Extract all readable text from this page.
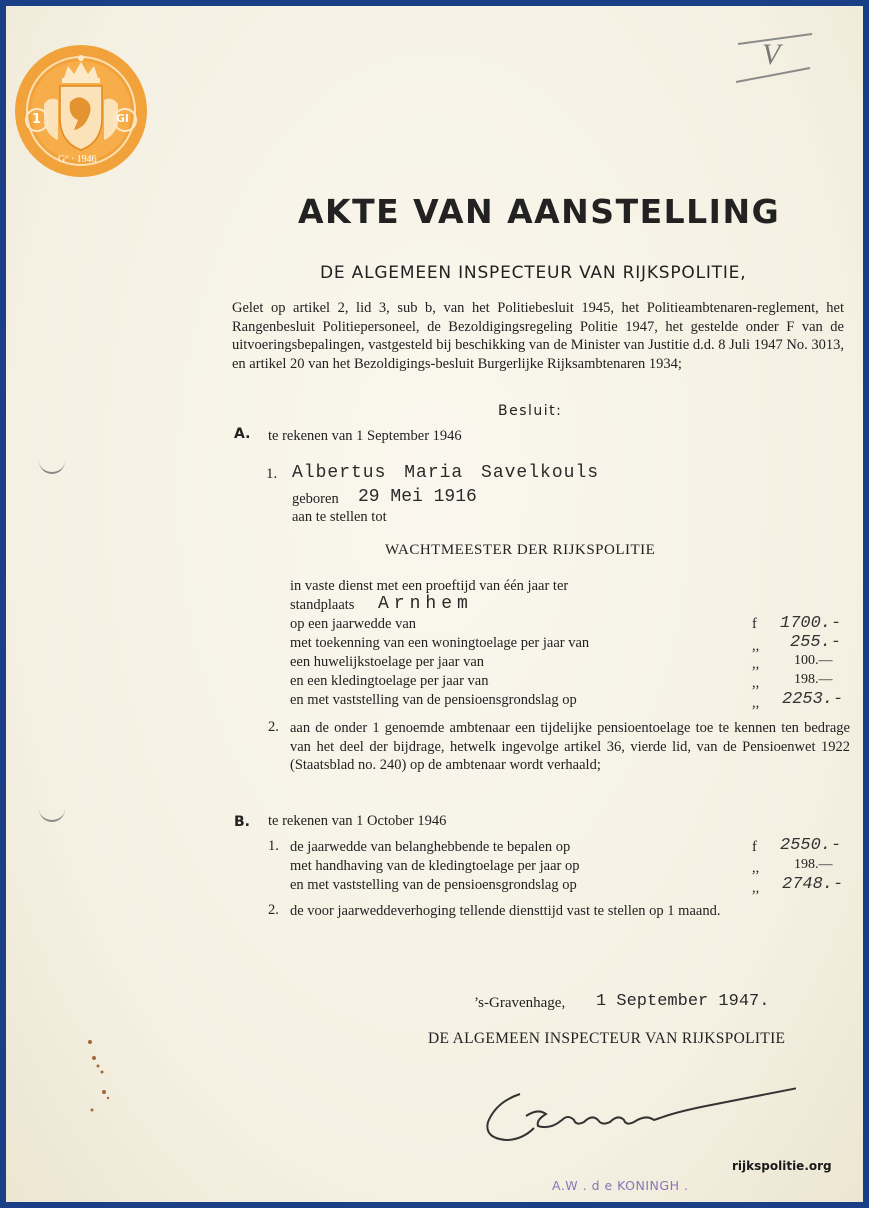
1	Gl
Gº · 1946
V
AKTE VAN AANSTELLING
DE ALGEMEEN INSPECTEUR VAN RIJKSPOLITIE,
Gelet op artikel 2, lid 3, sub b, van het Politiebesluit 1945, het Politieambtenaren-reglement, het Rangenbesluit Politiepersoneel, de Bezoldigingsregeling Politie 1947, het gestelde onder F van de uitvoeringsbepalingen, vastgesteld bij beschikking van de Minister van Justitie d.d. 8 Juli 1947 No. 3013, en artikel 20 van het Bezoldigings-besluit Burgerlijke Rijksambtenaren 1934;
Besluit:
A. te rekenen van 1 September 1946
1. Albertus Maria Savelkouls
geboren 29 Mei 1916
aan te stellen tot
WACHTMEESTER DER RIJKSPOLITIE
in vaste dienst met een proeftijd van één jaar ter
standplaats Arnhem
op een jaarwedde van	f 1700.-
met toekenning van een woningtoelage per jaar van	,, 255.-
een huwelijkstoelage per jaar van	,, 100.—
en een kledingtoelage per jaar van	,, 198.—
en met vaststelling van de pensioensgrondslag op	,, 2253.-
2. aan de onder 1 genoemde ambtenaar een tijdelijke pensioentoelage toe te kennen ten bedrage van het deel der bijdrage, hetwelk ingevolge artikel 36, vierde lid, van de Pensioenwet 1922 (Staatsblad no. 240) op de ambtenaar wordt verhaald;
B. te rekenen van 1 October 1946
1. de jaarwedde van belanghebbende te bepalen op	f 2550.-
met handhaving van de kledingtoelage per jaar op	,, 198.—
en met vaststelling van de pensioensgrondslag op	,, 2748.-
2. de voor jaarweddeverhoging tellende diensttijd vast te stellen op 1 maand.
’s-Gravenhage, 1 September 1947.
DE ALGEMEEN INSPECTEUR VAN RIJKSPOLITIE
A.W . d e KONINGH .
rijkspolitie.org
